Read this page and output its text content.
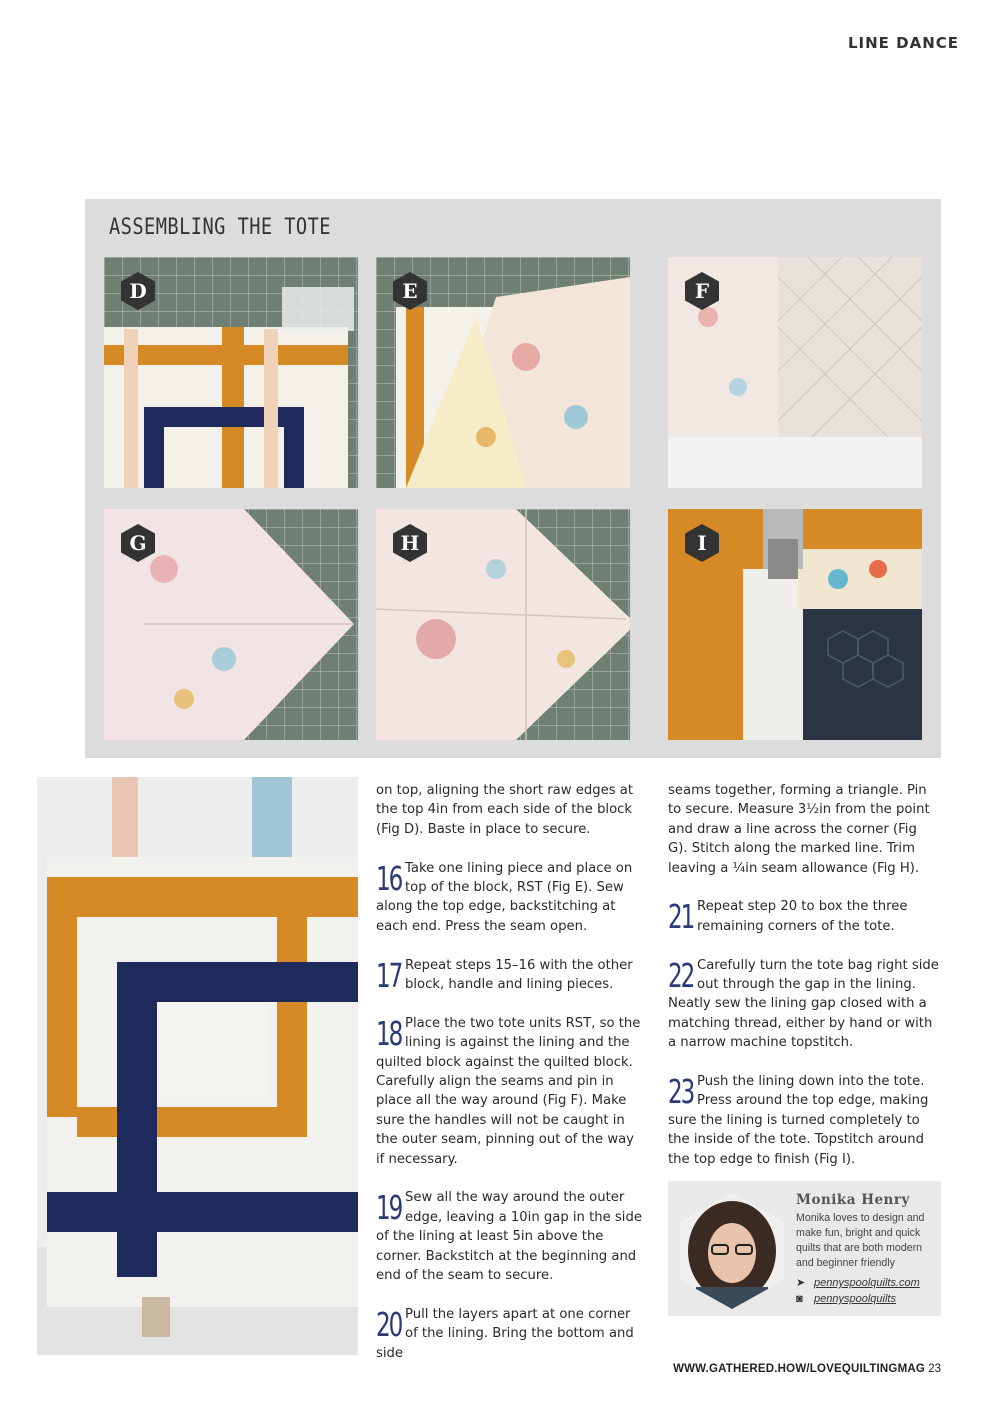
LINE DANCE
ASSEMBLING THE TOTE
D	E	F
G	H	I

on top, aligning the short raw edges at the top 4in from each side of the block (Fig D). Baste in place to secure.

16 Take one lining piece and place on top of the block, RST (Fig E). Sew along the top edge, backstitching at each end. Press the seam open.

17 Repeat steps 15–16 with the other block, handle and lining pieces.

18 Place the two tote units RST, so the lining is against the lining and the quilted block against the quilted block. Carefully align the seams and pin in place all the way around (Fig F). Make sure the handles will not be caught in the outer seam, pinning out of the way if necessary.

19 Sew all the way around the outer edge, leaving a 10in gap in the side of the lining at least 5in above the corner. Backstitch at the beginning and end of the seam to secure.

20 Pull the layers apart at one corner of the lining. Bring the bottom and side

seams together, forming a triangle. Pin to secure. Measure 3½in from the point and draw a line across the corner (Fig G). Stitch along the marked line. Trim leaving a ¼in seam allowance (Fig H).

21 Repeat step 20 to box the three remaining corners of the tote.

22 Carefully turn the tote bag right side out through the gap in the lining. Neatly sew the lining gap closed with a matching thread, either by hand or with a narrow machine topstitch.

23 Push the lining down into the tote. Press around the top edge, making sure the lining is turned completely to the inside of the tote. Topstitch around the top edge to finish (Fig I).

Monika Henry
Monika loves to design and make fun, bright and quick quilts that are both modern and beginner friendly
➤ pennyspoolquilts.com
◙ pennyspoolquilts
WWW.GATHERED.HOW/LOVEQUILTINGMAG 23
